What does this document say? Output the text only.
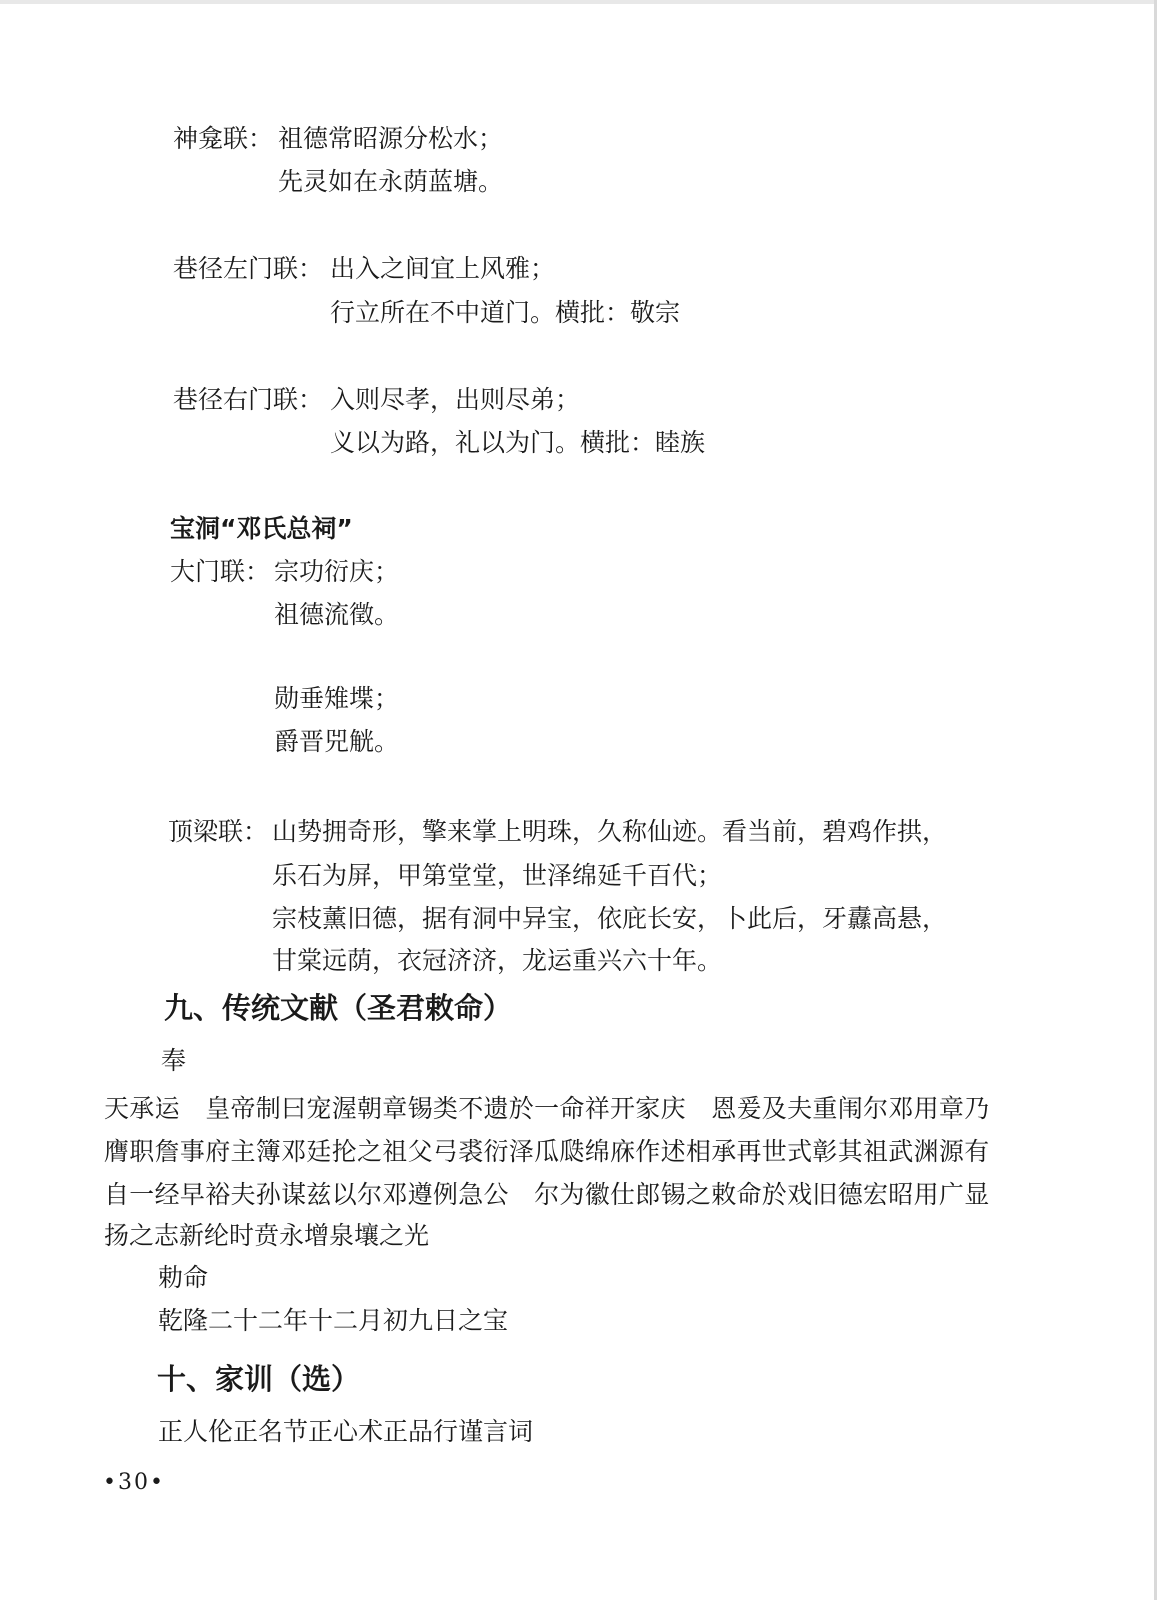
神龛联： 祖德常昭源分松水；
先灵如在永荫蓝塘。
巷径左门联： 出入之间宜上风雅；
行立所在不中道门。横批：敬宗
巷径右门联： 入则尽孝，出则尽弟；
义以为路，礼以为门。横批：睦族
宝洞“邓氏总祠”
大门联： 宗功衍庆；
祖德流徵。
勋垂雉堞；
爵晋兕觥。
顶梁联： 山势拥奇形，擎来掌上明珠，久称仙迹。看当前，碧鸡作拱，
乐石为屏，甲第堂堂，世泽绵延千百代；
宗枝薰旧德，据有洞中异宝，依庇长安，卜此后，牙纛高悬，
甘棠远荫，衣冠济济，龙运重兴六十年。
九、传统文献（圣君敕命）
奉
天承运　皇帝制曰宠渥朝章锡类不遗於一命祥开家庆　恩爰及夫重闱尔邓用章乃
膺职詹事府主簿邓廷抡之祖父弓裘衍泽瓜瓞绵庥作述相承再世式彰其祖武渊源有
自一经早裕夫孙谋兹以尔邓遵例急公　尔为徽仕郎锡之敕命於戏旧德宏昭用广显
扬之志新纶时贲永增泉壤之光
勅命
乾隆二十二年十二月初九日之宝
十、家训（选）
正人伦正名节正心术正品行谨言词
•30•
